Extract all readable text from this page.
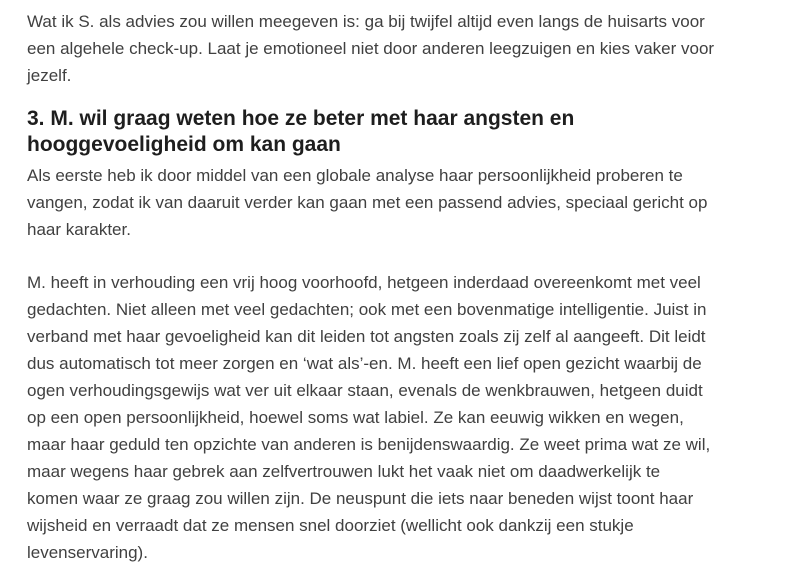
Wat ik S. als advies zou willen meegeven is: ga bij twijfel altijd even langs de huisarts voor
een algehele check-up. Laat je emotioneel niet door anderen leegzuigen en kies vaker voor
jezelf.

3. M. wil graag weten hoe ze beter met haar angsten en
hooggevoeligheid om kan gaan

Als eerste heb ik door middel van een globale analyse haar persoonlijkheid proberen te
vangen, zodat ik van daaruit verder kan gaan met een passend advies, speciaal gericht op
haar karakter.

M. heeft in verhouding een vrij hoog voorhoofd, hetgeen inderdaad overeenkomt met veel
gedachten. Niet alleen met veel gedachten; ook met een bovenmatige intelligentie. Juist in
verband met haar gevoeligheid kan dit leiden tot angsten zoals zij zelf al aangeeft. Dit leidt
dus automatisch tot meer zorgen en ‘wat als’-en. M. heeft een lief open gezicht waarbij de
ogen verhoudingsgewijs wat ver uit elkaar staan, evenals de wenkbrauwen, hetgeen duidt
op een open persoonlijkheid, hoewel soms wat labiel. Ze kan eeuwig wikken en wegen,
maar haar geduld ten opzichte van anderen is benijdenswaardig. Ze weet prima wat ze wil,
maar wegens haar gebrek aan zelfvertrouwen lukt het vaak niet om daadwerkelijk te
komen waar ze graag zou willen zijn. De neuspunt die iets naar beneden wijst toont haar
wijsheid en verraadt dat ze mensen snel doorziet (wellicht ook dankzij een stukje
levenservaring).
